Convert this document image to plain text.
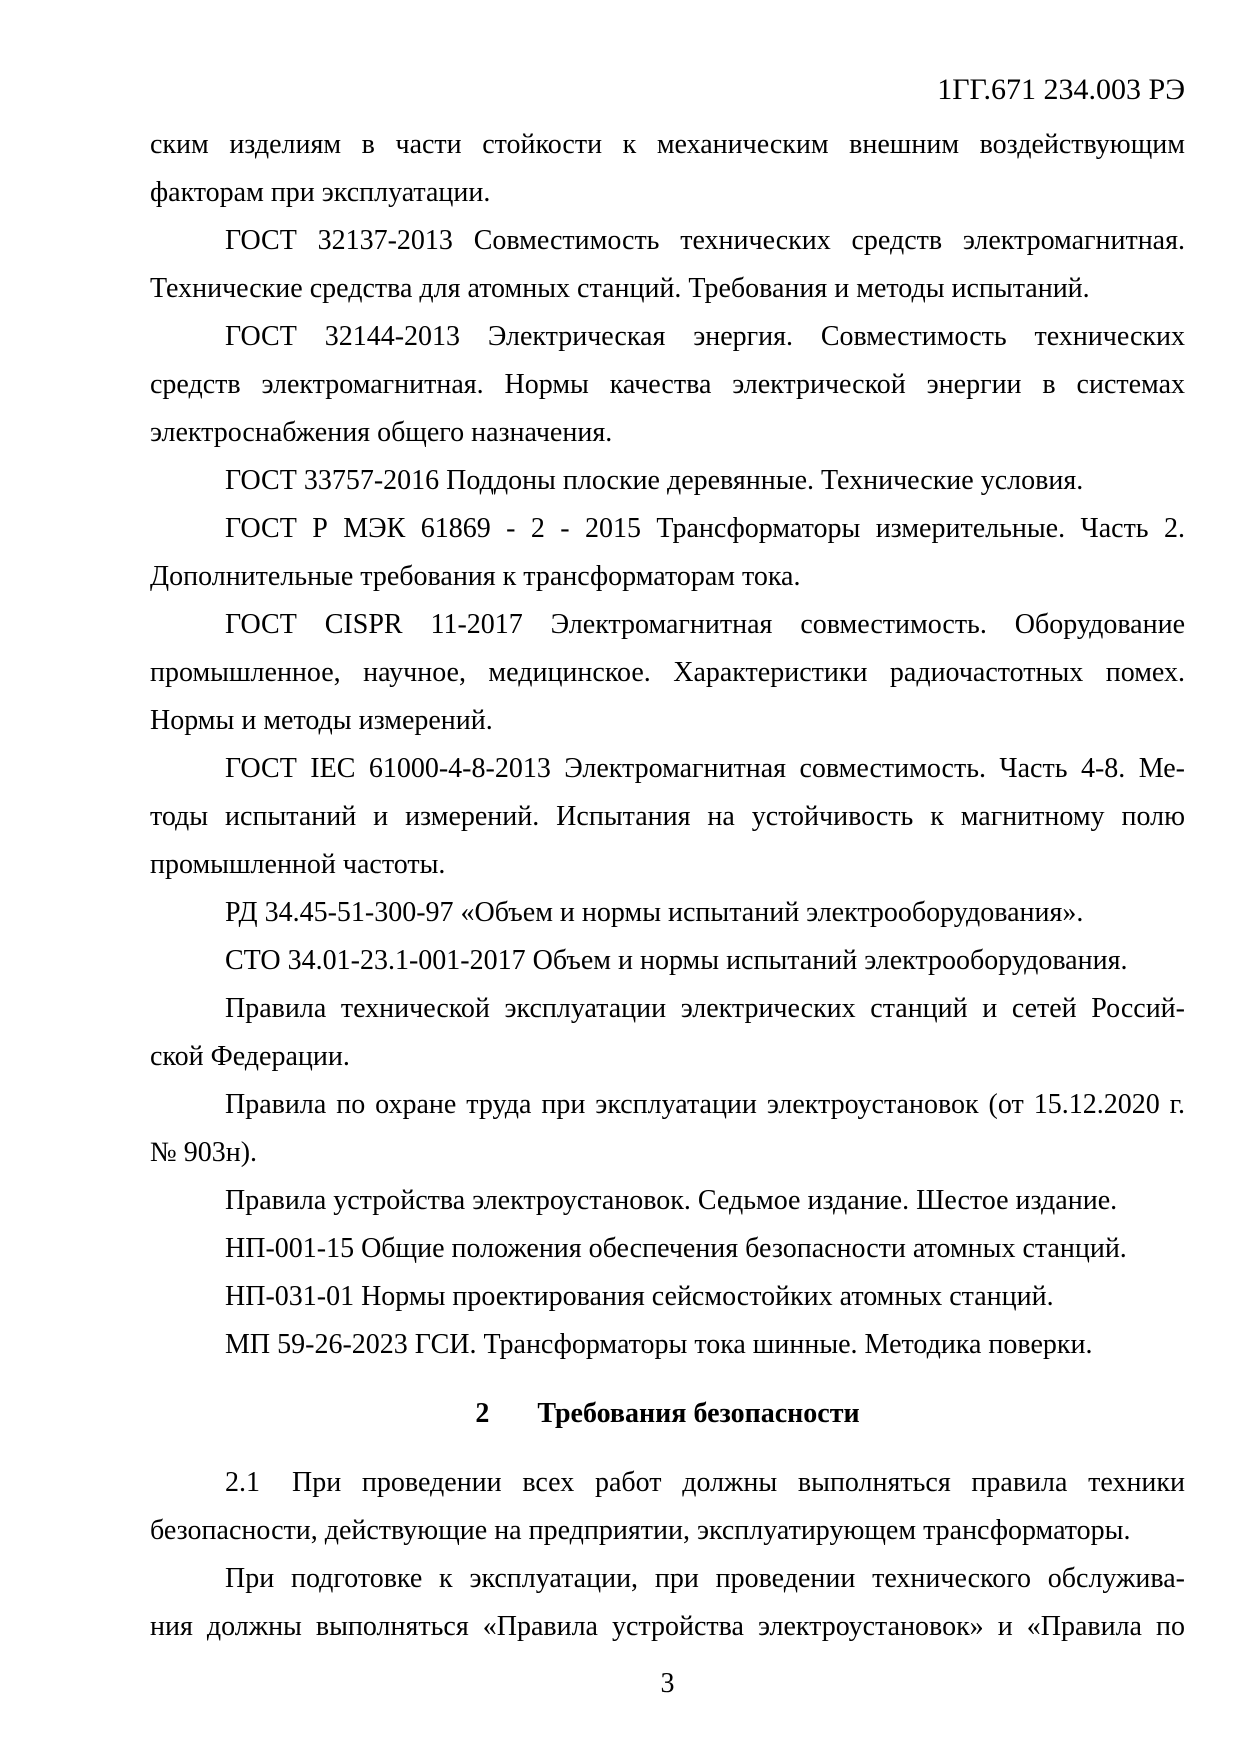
1ГГ.671 234.003 РЭ
ским изделиям в части стойкости к механическим внешним воздействующим
факторам при эксплуатации.
ГОСТ 32137-2013 Совместимость технических средств электромагнитная.
Технические средства для атомных станций. Требования и методы испытаний.
ГОСТ 32144-2013 Электрическая энергия. Совместимость технических
средств электромагнитная. Нормы качества электрической энергии в системах
электроснабжения общего назначения.
ГОСТ 33757-2016 Поддоны плоские деревянные. Технические условия.
ГОСТ Р МЭК 61869 - 2 - 2015 Трансформаторы измерительные. Часть 2.
Дополнительные требования к трансформаторам тока.
ГОСТ CISPR 11-2017 Электромагнитная совместимость. Оборудование
промышленное, научное, медицинское. Характеристики радиочастотных помех.
Нормы и методы измерений.
ГОСТ IEC 61000-4-8-2013 Электромагнитная совместимость. Часть 4-8. Ме-
тоды испытаний и измерений. Испытания на устойчивость к магнитному полю
промышленной частоты.
РД 34.45-51-300-97 «Объем и нормы испытаний электрооборудования».
СТО 34.01-23.1-001-2017 Объем и нормы испытаний электрооборудования.
Правила технической эксплуатации электрических станций и сетей Россий-
ской Федерации.
Правила по охране труда при эксплуатации электроустановок (от 15.12.2020 г.
№ 903н).
Правила устройства электроустановок. Седьмое издание. Шестое издание.
НП-001-15 Общие положения обеспечения безопасности атомных станций.
НП-031-01 Нормы проектирования сейсмостойких атомных станций.
МП 59-26-2023 ГСИ. Трансформаторы тока шинные. Методика поверки.
2 Требования безопасности
2.1 При проведении всех работ должны выполняться правила техники
безопасности, действующие на предприятии, эксплуатирующем трансформаторы.
При подготовке к эксплуатации, при проведении технического обслужива-
ния должны выполняться «Правила устройства электроустановок» и «Правила по
3
